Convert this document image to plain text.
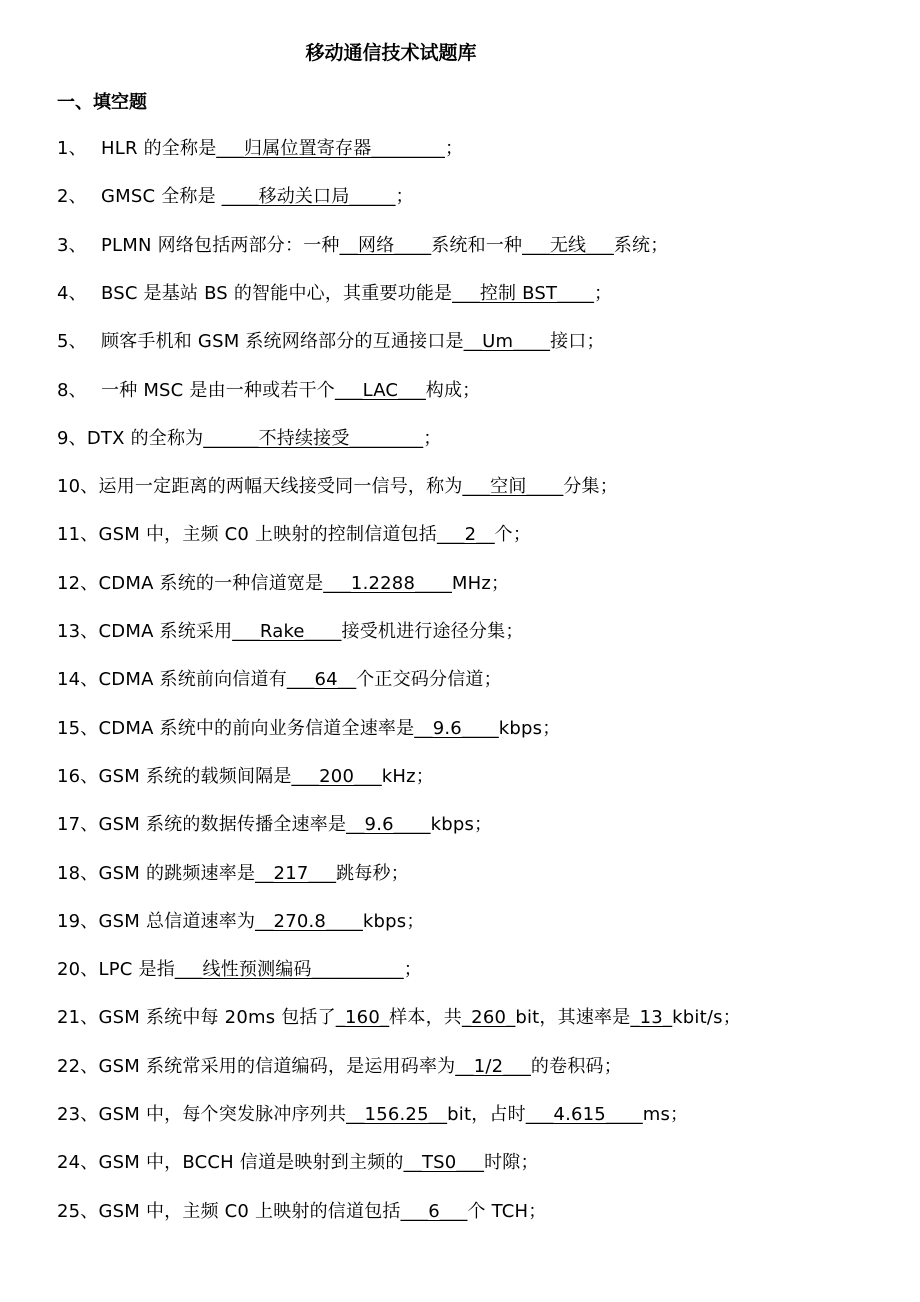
移动通信技术试题库
一、填空题
1、 HLR 的全称是___归属位置寄存器________；
2、 GMSC 全称是 ____移动关口局_____；
3、 PLMN 网络包括两部分：一种__网络____系统和一种___无线___系统；
4、 BSC 是基站 BS 的智能中心，其重要功能是___控制 BST____；
5、 顾客手机和 GSM 系统网络部分的互通接口是__Um____接口；
8、 一种 MSC 是由一种或若干个___LAC___构成；
9、DTX 的全称为______不持续接受________；
10、运用一定距离的两幅天线接受同一信号，称为___空间____分集；
11、GSM 中，主频 C0 上映射的控制信道包括___2__个；
12、CDMA 系统的一种信道宽是___1.2288____MHz；
13、CDMA 系统采用___Rake____接受机进行途径分集；
14、CDMA 系统前向信道有___64__个正交码分信道；
15、CDMA 系统中的前向业务信道全速率是__9.6____kbps；
16、GSM 系统的载频间隔是___200___kHz；
17、GSM 系统的数据传播全速率是__9.6____kbps；
18、GSM 的跳频速率是__217___跳每秒；
19、GSM 总信道速率为__270.8____kbps；
20、LPC 是指___线性预测编码__________；
21、GSM 系统中每 20ms 包括了_160_样本，共_260_bit，其速率是_13_kbit/s；
22、GSM 系统常采用的信道编码，是运用码率为__1/2___的卷积码；
23、GSM 中，每个突发脉冲序列共__156.25__bit，占时___4.615____ms；
24、GSM 中，BCCH 信道是映射到主频的__TS0___时隙；
25、GSM 中，主频 C0 上映射的信道包括___6___个 TCH；
